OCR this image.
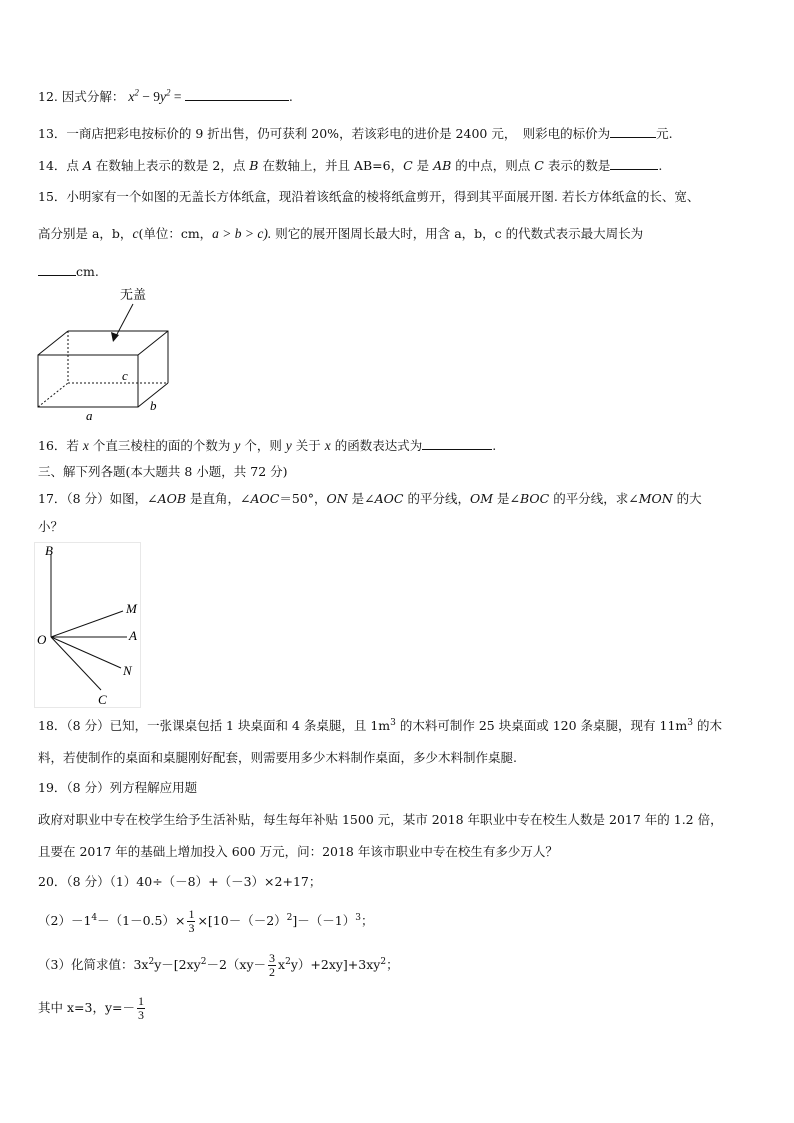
12. 因式分解： $x^2 - 9y^2$ =	.
13．一商店把彩电按标价的 9 折出售，仍可获利 20%，若该彩电的进价是 2400 元，　则彩电的标价为	元.
14．点 A 在数轴上表示的数是 2，点 B 在数轴上，并且 AB=6，C 是 AB 的中点，则点 C 表示的数是	.
15．小明家有一个如图的无盖长方体纸盒，现沿着该纸盒的棱将纸盒剪开，得到其平面展开图. 若长方体纸盒的长、宽、
高分别是 a，b，c(单位：cm，a > b > c). 则它的展开图周长最大时，用含 a，b，c 的代数式表示最大周长为
cm.
无盖
a
b
c
16．若 x 个直三棱柱的面的个数为 y 个，则 y 关于 x 的函数表达式为	.
三、解下列各题(本大题共 8 小题，共 72 分)
17．（8 分）如图，∠AOB 是直角，∠AOC＝50°，ON 是∠AOC 的平分线，OM 是∠BOC 的平分线，求∠MON 的大
小？
B
M
O	A
N
C
18．（8 分）已知，一张课桌包括 1 块桌面和 4 条桌腿，且 $1m^3$ 的木料可制作 25 块桌面或 120 条桌腿，现有 $11m^3$ 的木
料，若使制作的桌面和桌腿刚好配套，则需要用多少木料制作桌面，多少木料制作桌腿.
19．（8 分）列方程解应用题
政府对职业中专在校学生给予生活补贴，每生每年补贴 1500 元，某市 2018 年职业中专在校生人数是 2017 年的 1.2 倍，
且要在 2017 年的基础上增加投入 600 万元，问：2018 年该市职业中专在校生有多少万人？
20．（8 分）（1）40÷（－8）+（－3）×2+17；
$(2)-1^4-(1-0.5)\times \frac{1}{3} \times[10-(-2)^2]-(-1)^3$；
（3）化简求值：$3x^2y-[2xy^2-2(xy- \frac{3}{2} x^2y)+2xy]+3xy^2$；
其中 x=3，$y=- \frac{1}{3}$
